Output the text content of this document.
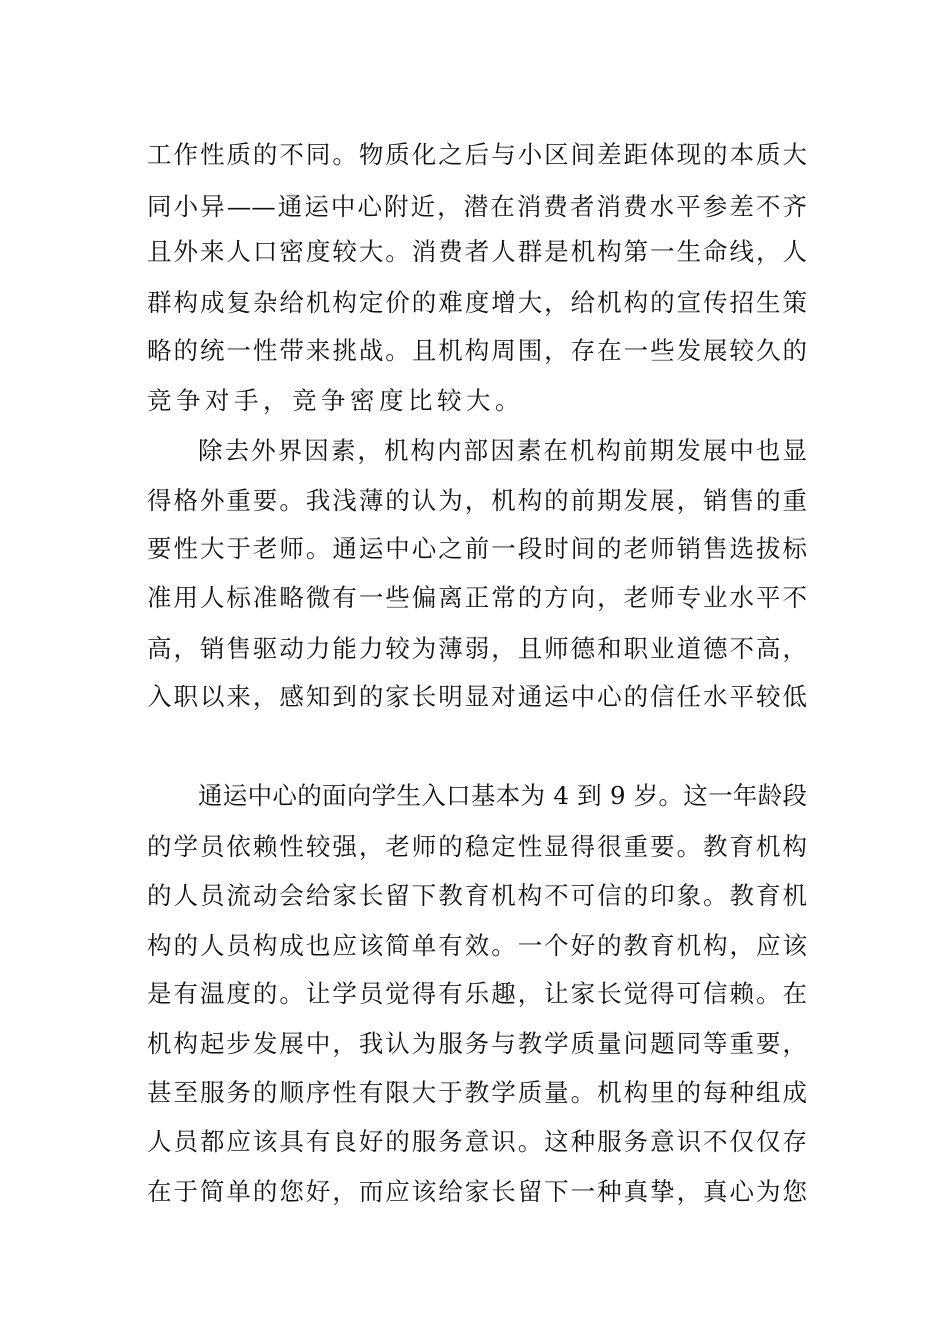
工作性质的不同。物质化之后与小区间差距体现的本质大
同小异——通运中心附近，潜在消费者消费水平参差不齐
且外来人口密度较大。消费者人群是机构第一生命线，人
群构成复杂给机构定价的难度增大，给机构的宣传招生策
略的统一性带来挑战。且机构周围，存在一些发展较久的
竞争对手，竞争密度比较大。
除去外界因素，机构内部因素在机构前期发展中也显
得格外重要。我浅薄的认为，机构的前期发展，销售的重
要性大于老师。通运中心之前一段时间的老师销售选拔标
准用人标准略微有一些偏离正常的方向，老师专业水平不
高，销售驱动力能力较为薄弱，且师德和职业道德不高，
入职以来，感知到的家长明显对通运中心的信任水平较低
通运中心的面向学生入口基本为 4 到 9 岁。这一年龄段
的学员依赖性较强，老师的稳定性显得很重要。教育机构
的人员流动会给家长留下教育机构不可信的印象。教育机
构的人员构成也应该简单有效。一个好的教育机构，应该
是有温度的。让学员觉得有乐趣，让家长觉得可信赖。在
机构起步发展中，我认为服务与教学质量问题同等重要，
甚至服务的顺序性有限大于教学质量。机构里的每种组成
人员都应该具有良好的服务意识。这种服务意识不仅仅存
在于简单的您好，而应该给家长留下一种真挚，真心为您
